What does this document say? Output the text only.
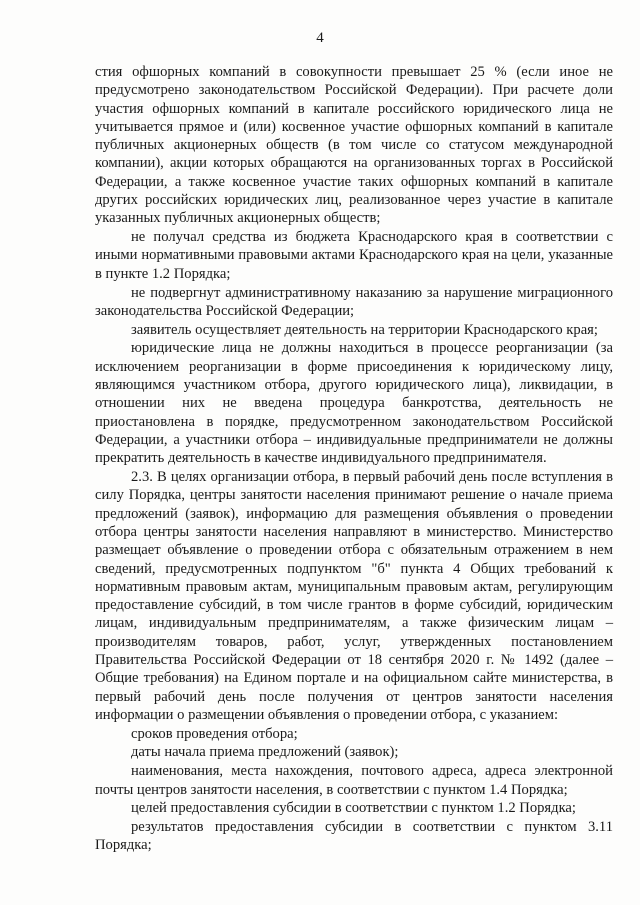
4

стия офшорных компаний в совокупности превышает 25 % (если иное не предусмотрено законодательством Российской Федерации). При расчете доли участия офшорных компаний в капитале российского юридического лица не учитывается прямое и (или) косвенное участие офшорных компаний в капитале публичных акционерных обществ (в том числе со статусом международной компании), акции которых обращаются на организованных торгах в Российской Федерации, а также косвенное участие таких офшорных компаний в капитале других российских юридических лиц, реализованное через участие в капитале указанных публичных акционерных обществ;

не получал средства из бюджета Краснодарского края в соответствии с иными нормативными правовыми актами Краснодарского края на цели, указанные в пункте 1.2 Порядка;

не подвергнут административному наказанию за нарушение миграционного законодательства Российской Федерации;

заявитель осуществляет деятельность на территории Краснодарского края;

юридические лица не должны находиться в процессе реорганизации (за исключением реорганизации в форме присоединения к юридическому лицу, являющимся участником отбора, другого юридического лица), ликвидации, в отношении них не введена процедура банкротства, деятельность не приостановлена в порядке, предусмотренном законодательством Российской Федерации, а участники отбора – индивидуальные предприниматели не должны прекратить деятельность в качестве индивидуального предпринимателя.

2.3. В целях организации отбора, в первый рабочий день после вступления в силу Порядка, центры занятости населения принимают решение о начале приема предложений (заявок), информацию для размещения объявления о проведении отбора центры занятости населения направляют в министерство. Министерство размещает объявление о проведении отбора с обязательным отражением в нем сведений, предусмотренных подпунктом "б" пункта 4 Общих требований к нормативным правовым актам, муниципальным правовым актам, регулирующим предоставление субсидий, в том числе грантов в форме субсидий, юридическим лицам, индивидуальным предпринимателям, а также физическим лицам – производителям товаров, работ, услуг, утвержденных постановлением Правительства Российской Федерации от 18 сентября 2020 г. № 1492 (далее – Общие требования) на Едином портале и на официальном сайте министерства, в первый рабочий день после получения от центров занятости населения информации о размещении объявления о проведении отбора, с указанием:

сроков проведения отбора;

даты начала приема предложений (заявок);

наименования, места нахождения, почтового адреса, адреса электронной почты центров занятости населения, в соответствии с пунктом 1.4 Порядка;

целей предоставления субсидии в соответствии с пунктом 1.2 Порядка;

результатов предоставления субсидии в соответствии с пунктом 3.11 Порядка;
